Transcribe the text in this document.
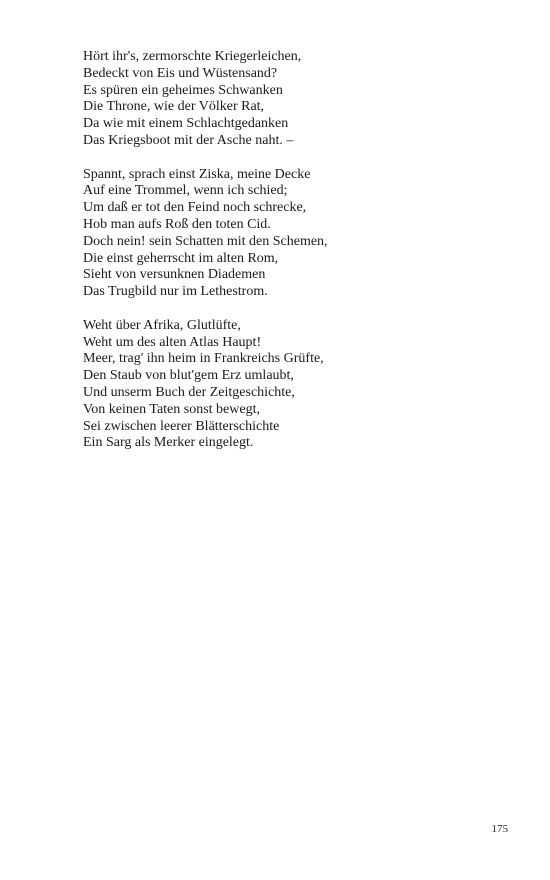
Hört ihr's, zermorschte Kriegerleichen,
Bedeckt von Eis und Wüstensand?
Es spüren ein geheimes Schwanken
Die Throne, wie der Völker Rat,
Da wie mit einem Schlachtgedanken
Das Kriegsboot mit der Asche naht. –
Spannt, sprach einst Ziska, meine Decke
Auf eine Trommel, wenn ich schied;
Um daß er tot den Feind noch schrecke,
Hob man aufs Roß den toten Cid.
Doch nein! sein Schatten mit den Schemen,
Die einst geherrscht im alten Rom,
Sieht von versunknen Diademen
Das Trugbild nur im Lethestrom.
Weht über Afrika, Glutlüfte,
Weht um des alten Atlas Haupt!
Meer, trag' ihn heim in Frankreichs Grüfte,
Den Staub von blut'gem Erz umlaubt,
Und unserm Buch der Zeitgeschichte,
Von keinen Taten sonst bewegt,
Sei zwischen leerer Blätterschichte
Ein Sarg als Merker eingelegt.
175
